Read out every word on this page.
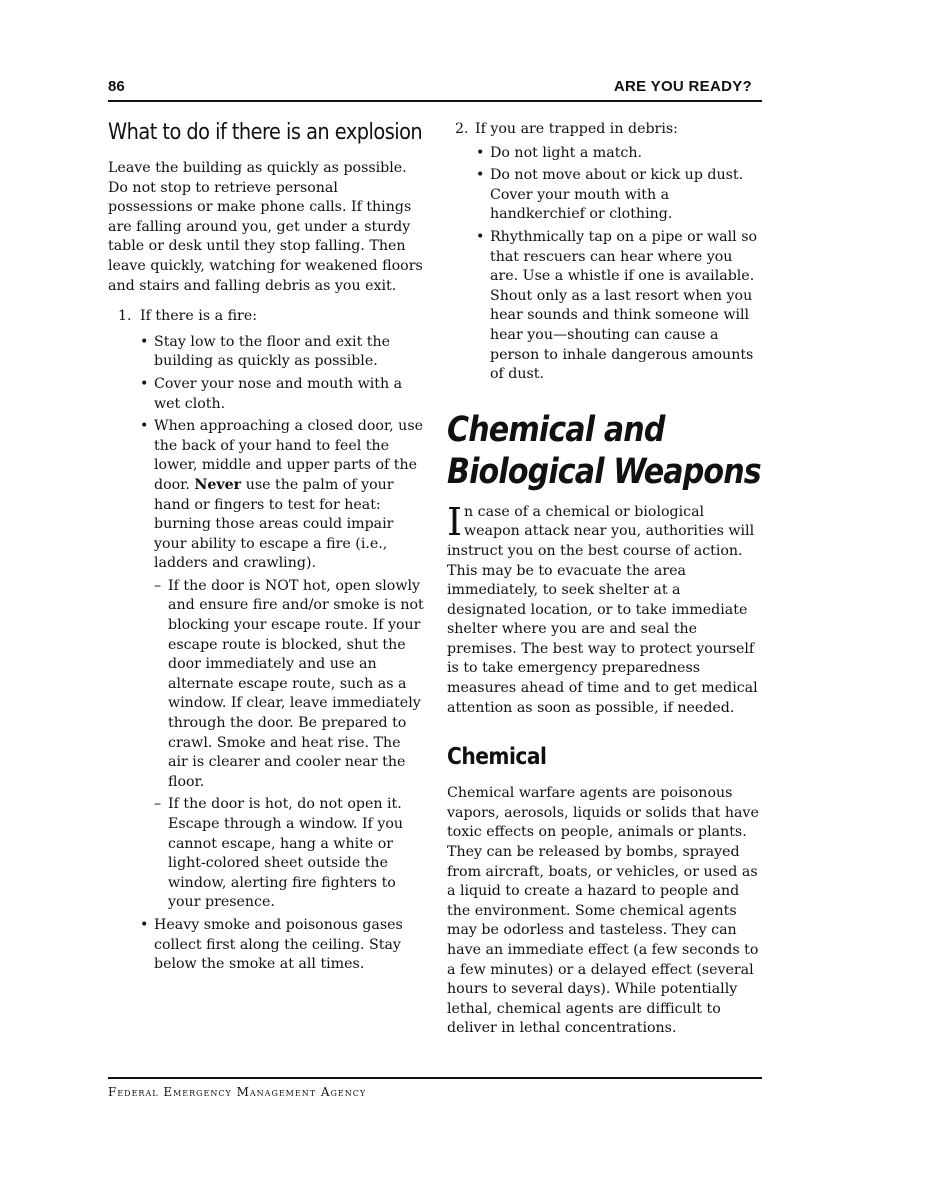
86	ARE YOU READY?
What to do if there is an explosion

Leave the building as quickly as possible. Do not stop to retrieve personal possessions or make phone calls. If things are falling around you, get under a sturdy table or desk until they stop falling. Then leave quickly, watching for weakened floors and stairs and falling debris as you exit.

1. If there is a fire:
• Stay low to the floor and exit the building as quickly as possible.
• Cover your nose and mouth with a wet cloth.
• When approaching a closed door, use the back of your hand to feel the lower, middle and upper parts of the door. Never use the palm of your hand or fingers to test for heat: burning those areas could impair your ability to escape a fire (i.e., ladders and crawling).
– If the door is NOT hot, open slowly and ensure fire and/or smoke is not blocking your escape route. If your escape route is blocked, shut the door immediately and use an alternate escape route, such as a window. If clear, leave immediately through the door. Be prepared to crawl. Smoke and heat rise. The air is clearer and cooler near the floor.
– If the door is hot, do not open it. Escape through a window. If you cannot escape, hang a white or light-colored sheet outside the window, alerting fire fighters to your presence.
• Heavy smoke and poisonous gases collect first along the ceiling. Stay below the smoke at all times.
2. If you are trapped in debris:
• Do not light a match.
• Do not move about or kick up dust. Cover your mouth with a handkerchief or clothing.
• Rhythmically tap on a pipe or wall so that rescuers can hear where you are. Use a whistle if one is available. Shout only as a last resort when you hear sounds and think someone will hear you—shouting can cause a person to inhale dangerous amounts of dust.
Chemical and
Biological Weapons

In case of a chemical or biological weapon attack near you, authorities will instruct you on the best course of action. This may be to evacuate the area immediately, to seek shelter at a designated location, or to take immediate shelter where you are and seal the premises. The best way to protect yourself is to take emergency preparedness measures ahead of time and to get medical attention as soon as possible, if needed.

Chemical

Chemical warfare agents are poisonous vapors, aerosols, liquids or solids that have toxic effects on people, animals or plants. They can be released by bombs, sprayed from aircraft, boats, or vehicles, or used as a liquid to create a hazard to people and the environment. Some chemical agents may be odorless and tasteless. They can have an immediate effect (a few seconds to a few minutes) or a delayed effect (several hours to several days). While potentially lethal, chemical agents are difficult to deliver in lethal concentrations.

Federal Emergency Management Agency
